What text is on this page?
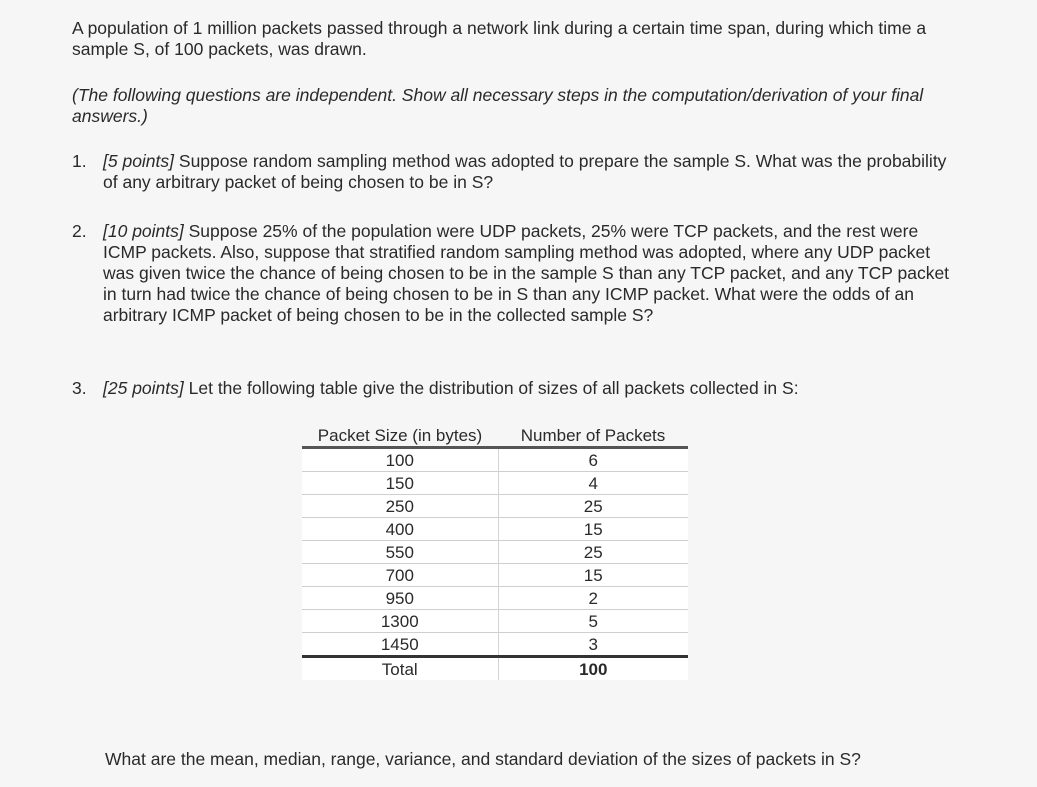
A population of 1 million packets passed through a network link during a certain time span, during which time a sample S, of 100 packets, was drawn.

(The following questions are independent. Show all necessary steps in the computation/derivation of your final answers.)

1. [5 points] Suppose random sampling method was adopted to prepare the sample S. What was the probability of any arbitrary packet of being chosen to be in S?
2. [10 points] Suppose 25% of the population were UDP packets, 25% were TCP packets, and the rest were ICMP packets. Also, suppose that stratified random sampling method was adopted, where any UDP packet was given twice the chance of being chosen to be in the sample S than any TCP packet, and any TCP packet in turn had twice the chance of being chosen to be in S than any ICMP packet. What were the odds of an arbitrary ICMP packet of being chosen to be in the collected sample S?
3. [25 points] Let the following table give the distribution of sizes of all packets collected in S:
Packet Size (in bytes)	Number of Packets
100	6
150	4
250	25
400	15
550	25
700	15
950	2
1300	5
1450	3
Total	100

What are the mean, median, range, variance, and standard deviation of the sizes of packets in S?
